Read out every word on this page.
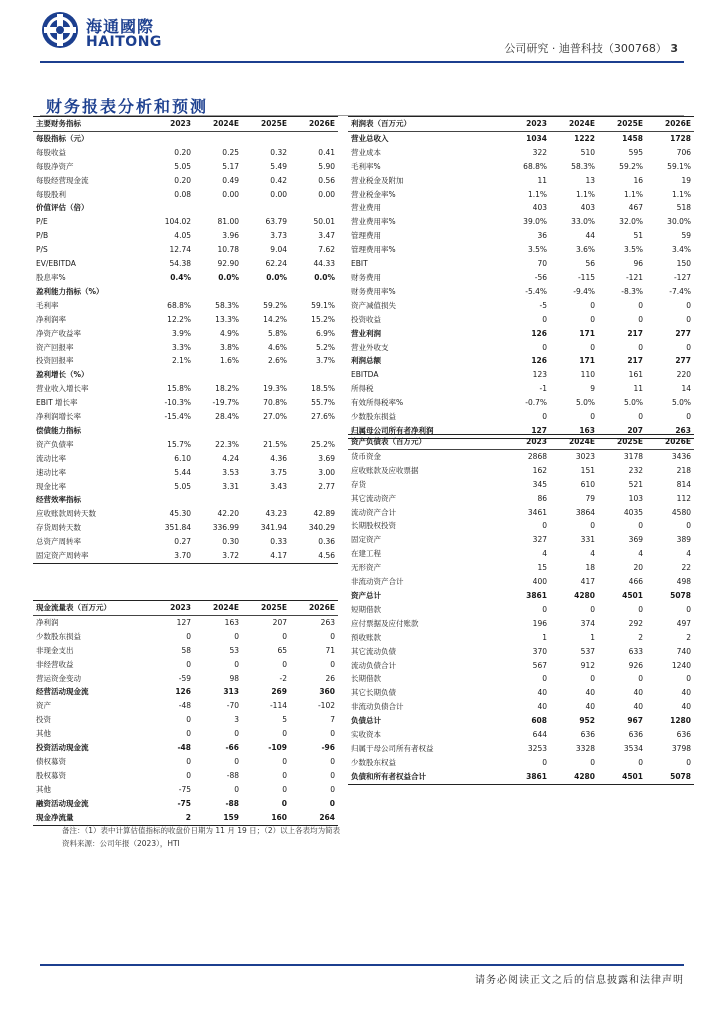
海通國際
HAITONG	公司研究 · 迪普科技（300768） 3
财务报表分析和预测
主要财务指标	2023	2024E	2025E	2026E
每股指标（元）				
每股收益	0.20	0.25	0.32	0.41
每股净资产	5.05	5.17	5.49	5.90
每股经营现金流	0.20	0.49	0.42	0.56
每股股利	0.08	0.00	0.00	0.00
价值评估（倍）				
P/E	104.02	81.00	63.79	50.01
P/B	4.05	3.96	3.73	3.47
P/S	12.74	10.78	9.04	7.62
EV/EBITDA	54.38	92.90	62.24	44.33
股息率%	0.4%	0.0%	0.0%	0.0%
盈利能力指标（%）				
毛利率	68.8%	58.3%	59.2%	59.1%
净利润率	12.2%	13.3%	14.2%	15.2%
净资产收益率	3.9%	4.9%	5.8%	6.9%
资产回报率	3.3%	3.8%	4.6%	5.2%
投资回报率	2.1%	1.6%	2.6%	3.7%
盈利增长（%）				
营业收入增长率	15.8%	18.2%	19.3%	18.5%
EBIT 增长率	-10.3%	-19.7%	70.8%	55.7%
净利润增长率	-15.4%	28.4%	27.0%	27.6%
偿债能力指标				
资产负债率	15.7%	22.3%	21.5%	25.2%
流动比率	6.10	4.24	4.36	3.69
速动比率	5.44	3.53	3.75	3.00
现金比率	5.05	3.31	3.43	2.77
经营效率指标				
应收账款周转天数	45.30	42.20	43.23	42.89
存货周转天数	351.84	336.99	341.94	340.29
总资产周转率	0.27	0.30	0.33	0.36
固定资产周转率	3.70	3.72	4.17	4.56
现金流量表（百万元）	2023	2024E	2025E	2026E
净利润	127	163	207	263
少数股东损益	0	0	0	0
非现金支出	58	53	65	71
非经营收益	0	0	0	0
营运资金变动	-59	98	-2	26
经营活动现金流	126	313	269	360
资产	-48	-70	-114	-102
投资	0	3	5	7
其他	0	0	0	0
投资活动现金流	-48	-66	-109	-96
债权募资	0	0	0	0
股权募资	0	-88	0	0
其他	-75	0	0	0
融资活动现金流	-75	-88	0	0
现金净流量	2	159	160	264
利润表（百万元）	2023	2024E	2025E	2026E
营业总收入	1034	1222	1458	1728
营业成本	322	510	595	706
毛利率%	68.8%	58.3%	59.2%	59.1%
营业税金及附加	11	13	16	19
营业税金率%	1.1%	1.1%	1.1%	1.1%
营业费用	403	403	467	518
营业费用率%	39.0%	33.0%	32.0%	30.0%
管理费用	36	44	51	59
管理费用率%	3.5%	3.6%	3.5%	3.4%
EBIT	70	56	96	150
财务费用	-56	-115	-121	-127
财务费用率%	-5.4%	-9.4%	-8.3%	-7.4%
资产减值损失	-5	0	0	0
投资收益	0	0	0	0
营业利润	126	171	217	277
营业外收支	0	0	0	0
利润总额	126	171	217	277
EBITDA	123	110	161	220
所得税	-1	9	11	14
有效所得税率%	-0.7%	5.0%	5.0%	5.0%
少数股东损益	0	0	0	0
归属母公司所有者净利润	127	163	207	263
资产负债表（百万元）	2023	2024E	2025E	2026E
货币资金	2868	3023	3178	3436
应收账款及应收票据	162	151	232	218
存货	345	610	521	814
其它流动资产	86	79	103	112
流动资产合计	3461	3864	4035	4580
长期股权投资	0	0	0	0
固定资产	327	331	369	389
在建工程	4	4	4	4
无形资产	15	18	20	22
非流动资产合计	400	417	466	498
资产总计	3861	4280	4501	5078
短期借款	0	0	0	0
应付票据及应付账款	196	374	292	497
预收账款	1	1	2	2
其它流动负债	370	537	633	740
流动负债合计	567	912	926	1240
长期借款	0	0	0	0
其它长期负债	40	40	40	40
非流动负债合计	40	40	40	40
负债总计	608	952	967	1280
实收资本	644	636	636	636
归属于母公司所有者权益	3253	3328	3534	3798
少数股东权益	0	0	0	0
负债和所有者权益合计	3861	4280	4501	5078
备注：（1）表中计算估值指标的收盘价日期为 11 月 19 日；（2）以上各表均为简表
资料来源：公司年报（2023），HTI
请务必阅读正文之后的信息披露和法律声明
